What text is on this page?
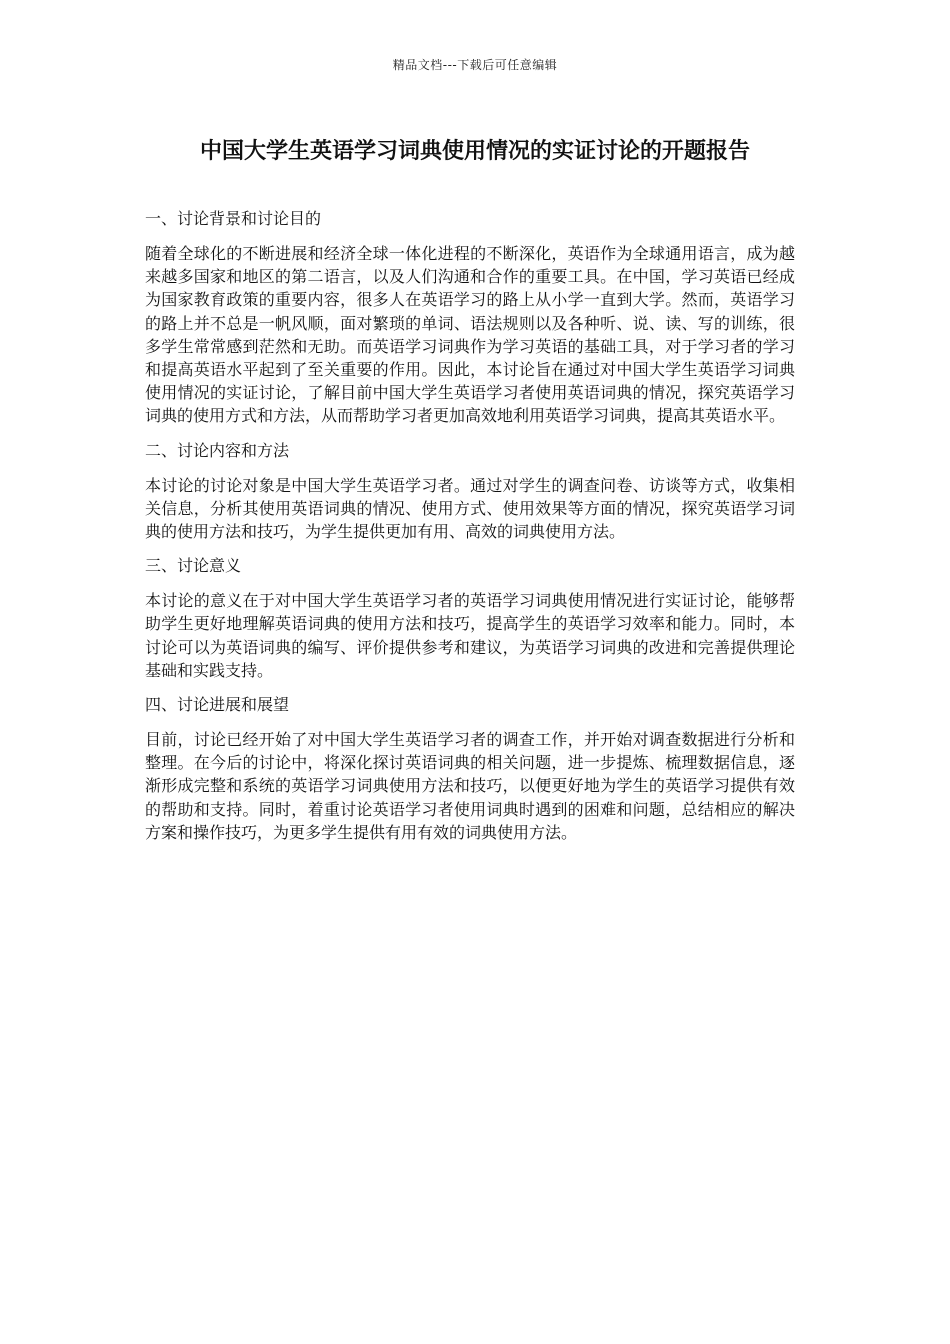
精品文档---下载后可任意编辑
中国大学生英语学习词典使用情况的实证讨论的开题报告
一、讨论背景和讨论目的

随着全球化的不断进展和经济全球一体化进程的不断深化，英语作为全球通用语言，成为越来越多国家和地区的第二语言，以及人们沟通和合作的重要工具。在中国，学习英语已经成为国家教育政策的重要内容，很多人在英语学习的路上从小学一直到大学。然而，英语学习的路上并不总是一帆风顺，面对繁琐的单词、语法规则以及各种听、说、读、写的训练，很多学生常常感到茫然和无助。而英语学习词典作为学习英语的基础工具，对于学习者的学习和提高英语水平起到了至关重要的作用。因此，本讨论旨在通过对中国大学生英语学习词典使用情况的实证讨论，了解目前中国大学生英语学习者使用英语词典的情况，探究英语学习词典的使用方式和方法，从而帮助学习者更加高效地利用英语学习词典，提高其英语水平。

二、讨论内容和方法

本讨论的讨论对象是中国大学生英语学习者。通过对学生的调查问卷、访谈等方式，收集相关信息，分析其使用英语词典的情况、使用方式、使用效果等方面的情况，探究英语学习词典的使用方法和技巧，为学生提供更加有用、高效的词典使用方法。

三、讨论意义

本讨论的意义在于对中国大学生英语学习者的英语学习词典使用情况进行实证讨论，能够帮助学生更好地理解英语词典的使用方法和技巧，提高学生的英语学习效率和能力。同时，本讨论可以为英语词典的编写、评价提供参考和建议，为英语学习词典的改进和完善提供理论基础和实践支持。

四、讨论进展和展望

目前，讨论已经开始了对中国大学生英语学习者的调查工作，并开始对调查数据进行分析和整理。在今后的讨论中，将深化探讨英语词典的相关问题，进一步提炼、梳理数据信息，逐渐形成完整和系统的英语学习词典使用方法和技巧，以便更好地为学生的英语学习提供有效的帮助和支持。同时，着重讨论英语学习者使用词典时遇到的困难和问题，总结相应的解决方案和操作技巧，为更多学生提供有用有效的词典使用方法。
